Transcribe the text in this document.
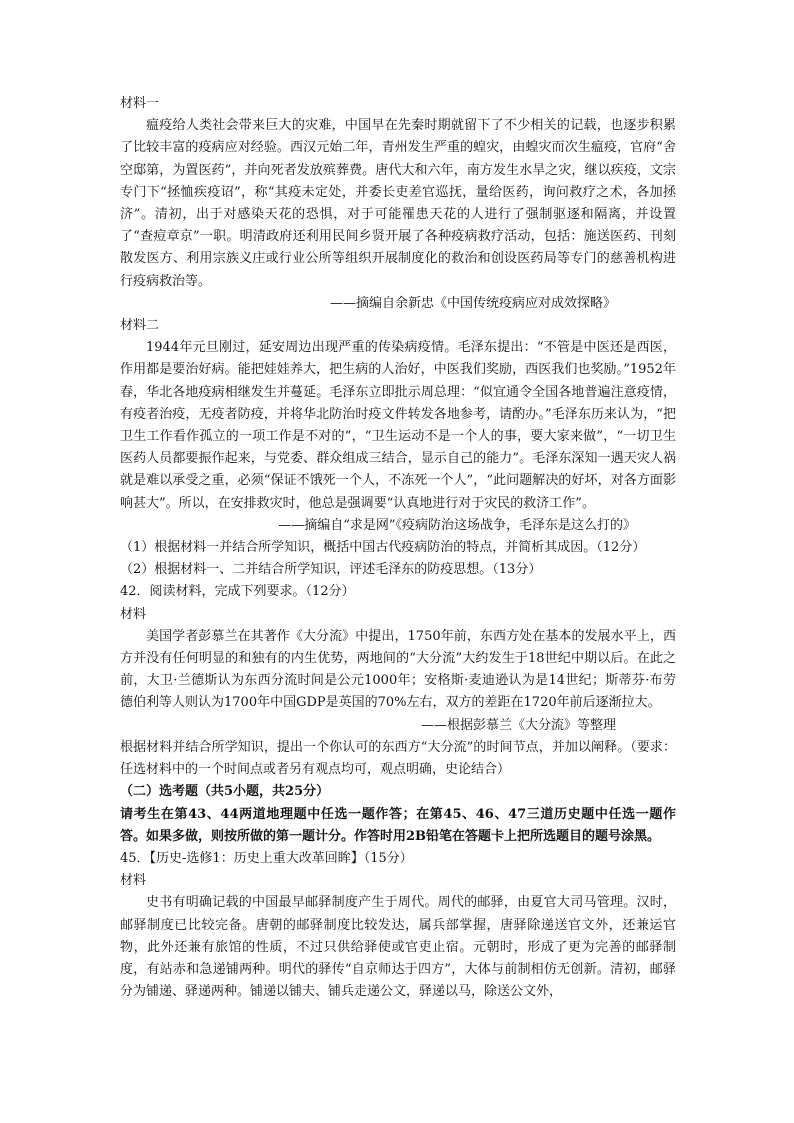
材料一

瘟疫给人类社会带来巨大的灾难，中国早在先秦时期就留下了不少相关的记载，也逐步积累了比较丰富的疫病应对经验。西汉元始二年，青州发生严重的蝗灾，由蝗灾而次生瘟疫，官府“舍空邸第，为置医药”，并向死者发放殡葬费。唐代大和六年，南方发生水旱之灾，继以疾疫，文宗专门下“拯恤疾疫诏”，称“其疫未定处，并委长吏差官巡抚，量给医药，询问救疗之术，各加拯济”。清初，出于对感染天花的恐惧，对于可能罹患天花的人进行了强制驱逐和隔离，并设置了“查痘章京”一职。明清政府还利用民间乡贤开展了各种疫病救疗活动，包括：施送医药、刊刻散发医方、利用宗族义庄或行业公所等组织开展制度化的救治和创设医药局等专门的慈善机构进行疫病救治等。

——摘编自余新忠《中国传统疫病应对成效探略》

材料二

1944年元旦刚过，延安周边出现严重的传染病疫情。毛泽东提出：“不管是中医还是西医，作用都是要治好病。能把娃娃养大，把生病的人治好，中医我们奖励，西医我们也奖励。”1952年春，华北各地疫病相继发生并蔓延。毛泽东立即批示周总理：“似宜通令全国各地普遍注意疫情，有疫者治疫，无疫者防疫，并将华北防治时疫文件转发各地参考，请酌办。”毛泽东历来认为，“把卫生工作看作孤立的一项工作是不对的”，“卫生运动不是一个人的事，要大家来做”，“一切卫生医药人员都要振作起来，与党委、群众组成三结合，显示自己的能力”。毛泽东深知一遇天灾人祸就是难以承受之重，必须“保证不饿死一个人，不冻死一个人”，“此问题解决的好坏，对各方面影响甚大”。所以，在安排救灾时，他总是强调要“认真地进行对于灾民的救济工作”。

——摘编自“求是网”《疫病防治这场战争，毛泽东是这么打的》

（1）根据材料一并结合所学知识，概括中国古代疫病防治的特点，并简析其成因。（12分）

（2）根据材料一、二并结合所学知识，评述毛泽东的防疫思想。（13分）

42．阅读材料，完成下列要求。（12分）

材料

美国学者彭慕兰在其著作《大分流》中提出，1750年前，东西方处在基本的发展水平上，西方并没有任何明显的和独有的内生优势，两地间的“大分流”大约发生于18世纪中期以后。在此之前，大卫·兰德斯认为东西分流时间是公元1000年；安格斯·麦迪逊认为是14世纪；斯蒂芬·布劳德伯利等人则认为1700年中国GDP是英国的70%左右，双方的差距在1720年前后逐渐拉大。

——根据彭慕兰《大分流》等整理

根据材料并结合所学知识，提出一个你认可的东西方“大分流”的时间节点，并加以阐释。（要求：任选材料中的一个时间点或者另有观点均可，观点明确，史论结合）

（二）选考题（共5小题，共25分）

请考生在第43、44两道地理题中任选一题作答；在第45、46、47三道历史题中任选一题作答。如果多做，则按所做的第一题计分。作答时用2B铅笔在答题卡上把所选题目的题号涂黑。

45．【历史-选修1：历史上重大改革回眸】（15分）

材料

史书有明确记载的中国最早邮驿制度产生于周代。周代的邮驿，由夏官大司马管理。汉时，邮驿制度已比较完备。唐朝的邮驿制度比较发达，属兵部掌握，唐驿除递送官文外，还兼运官物，此外还兼有旅馆的性质，不过只供给驿使或官吏止宿。元朝时，形成了更为完善的邮驿制度，有站赤和急递铺两种。明代的驿传“自京师达于四方”，大体与前制相仿无创新。清初，邮驿分为铺递、驿递两种。铺递以铺夫、铺兵走递公文，驿递以马，除送公文外，
